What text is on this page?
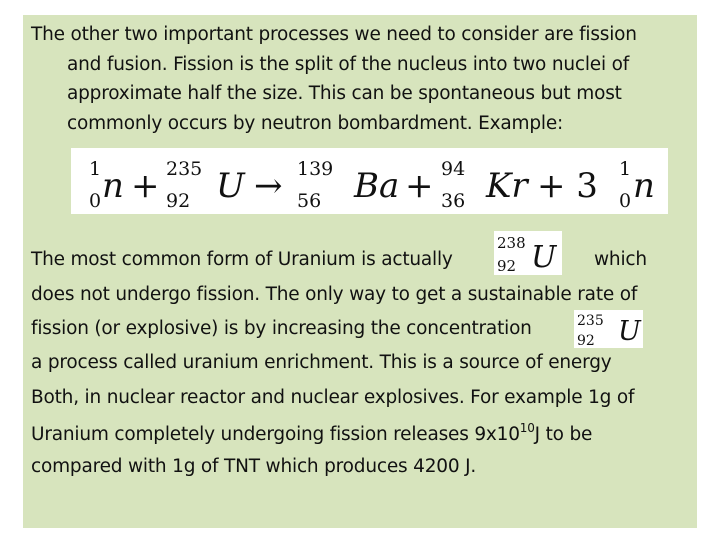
The other two important processes we need to consider are fission
and fusion. Fission is the split of the nucleus into two nuclei of
approximate half the size. This can be spontaneous but most
commonly occurs by neutron bombardment. Example:
1
0 n + 235
92 U → 139
56 Ba + 94
36 Kr + 3 1
0 n
The most common form of Uranium is actually
238
92 U which
does not undergo fission. The only way to get a sustainable rate of
fission (or explosive) is by increasing the concentration	235
92 U
a process called uranium enrichment. This is a source of energy
Both, in nuclear reactor and nuclear explosives. For example 1g of
Uranium completely undergoing fission releases $9x10^{10}J$ to be
compared with 1g of TNT which produces 4200 J.
